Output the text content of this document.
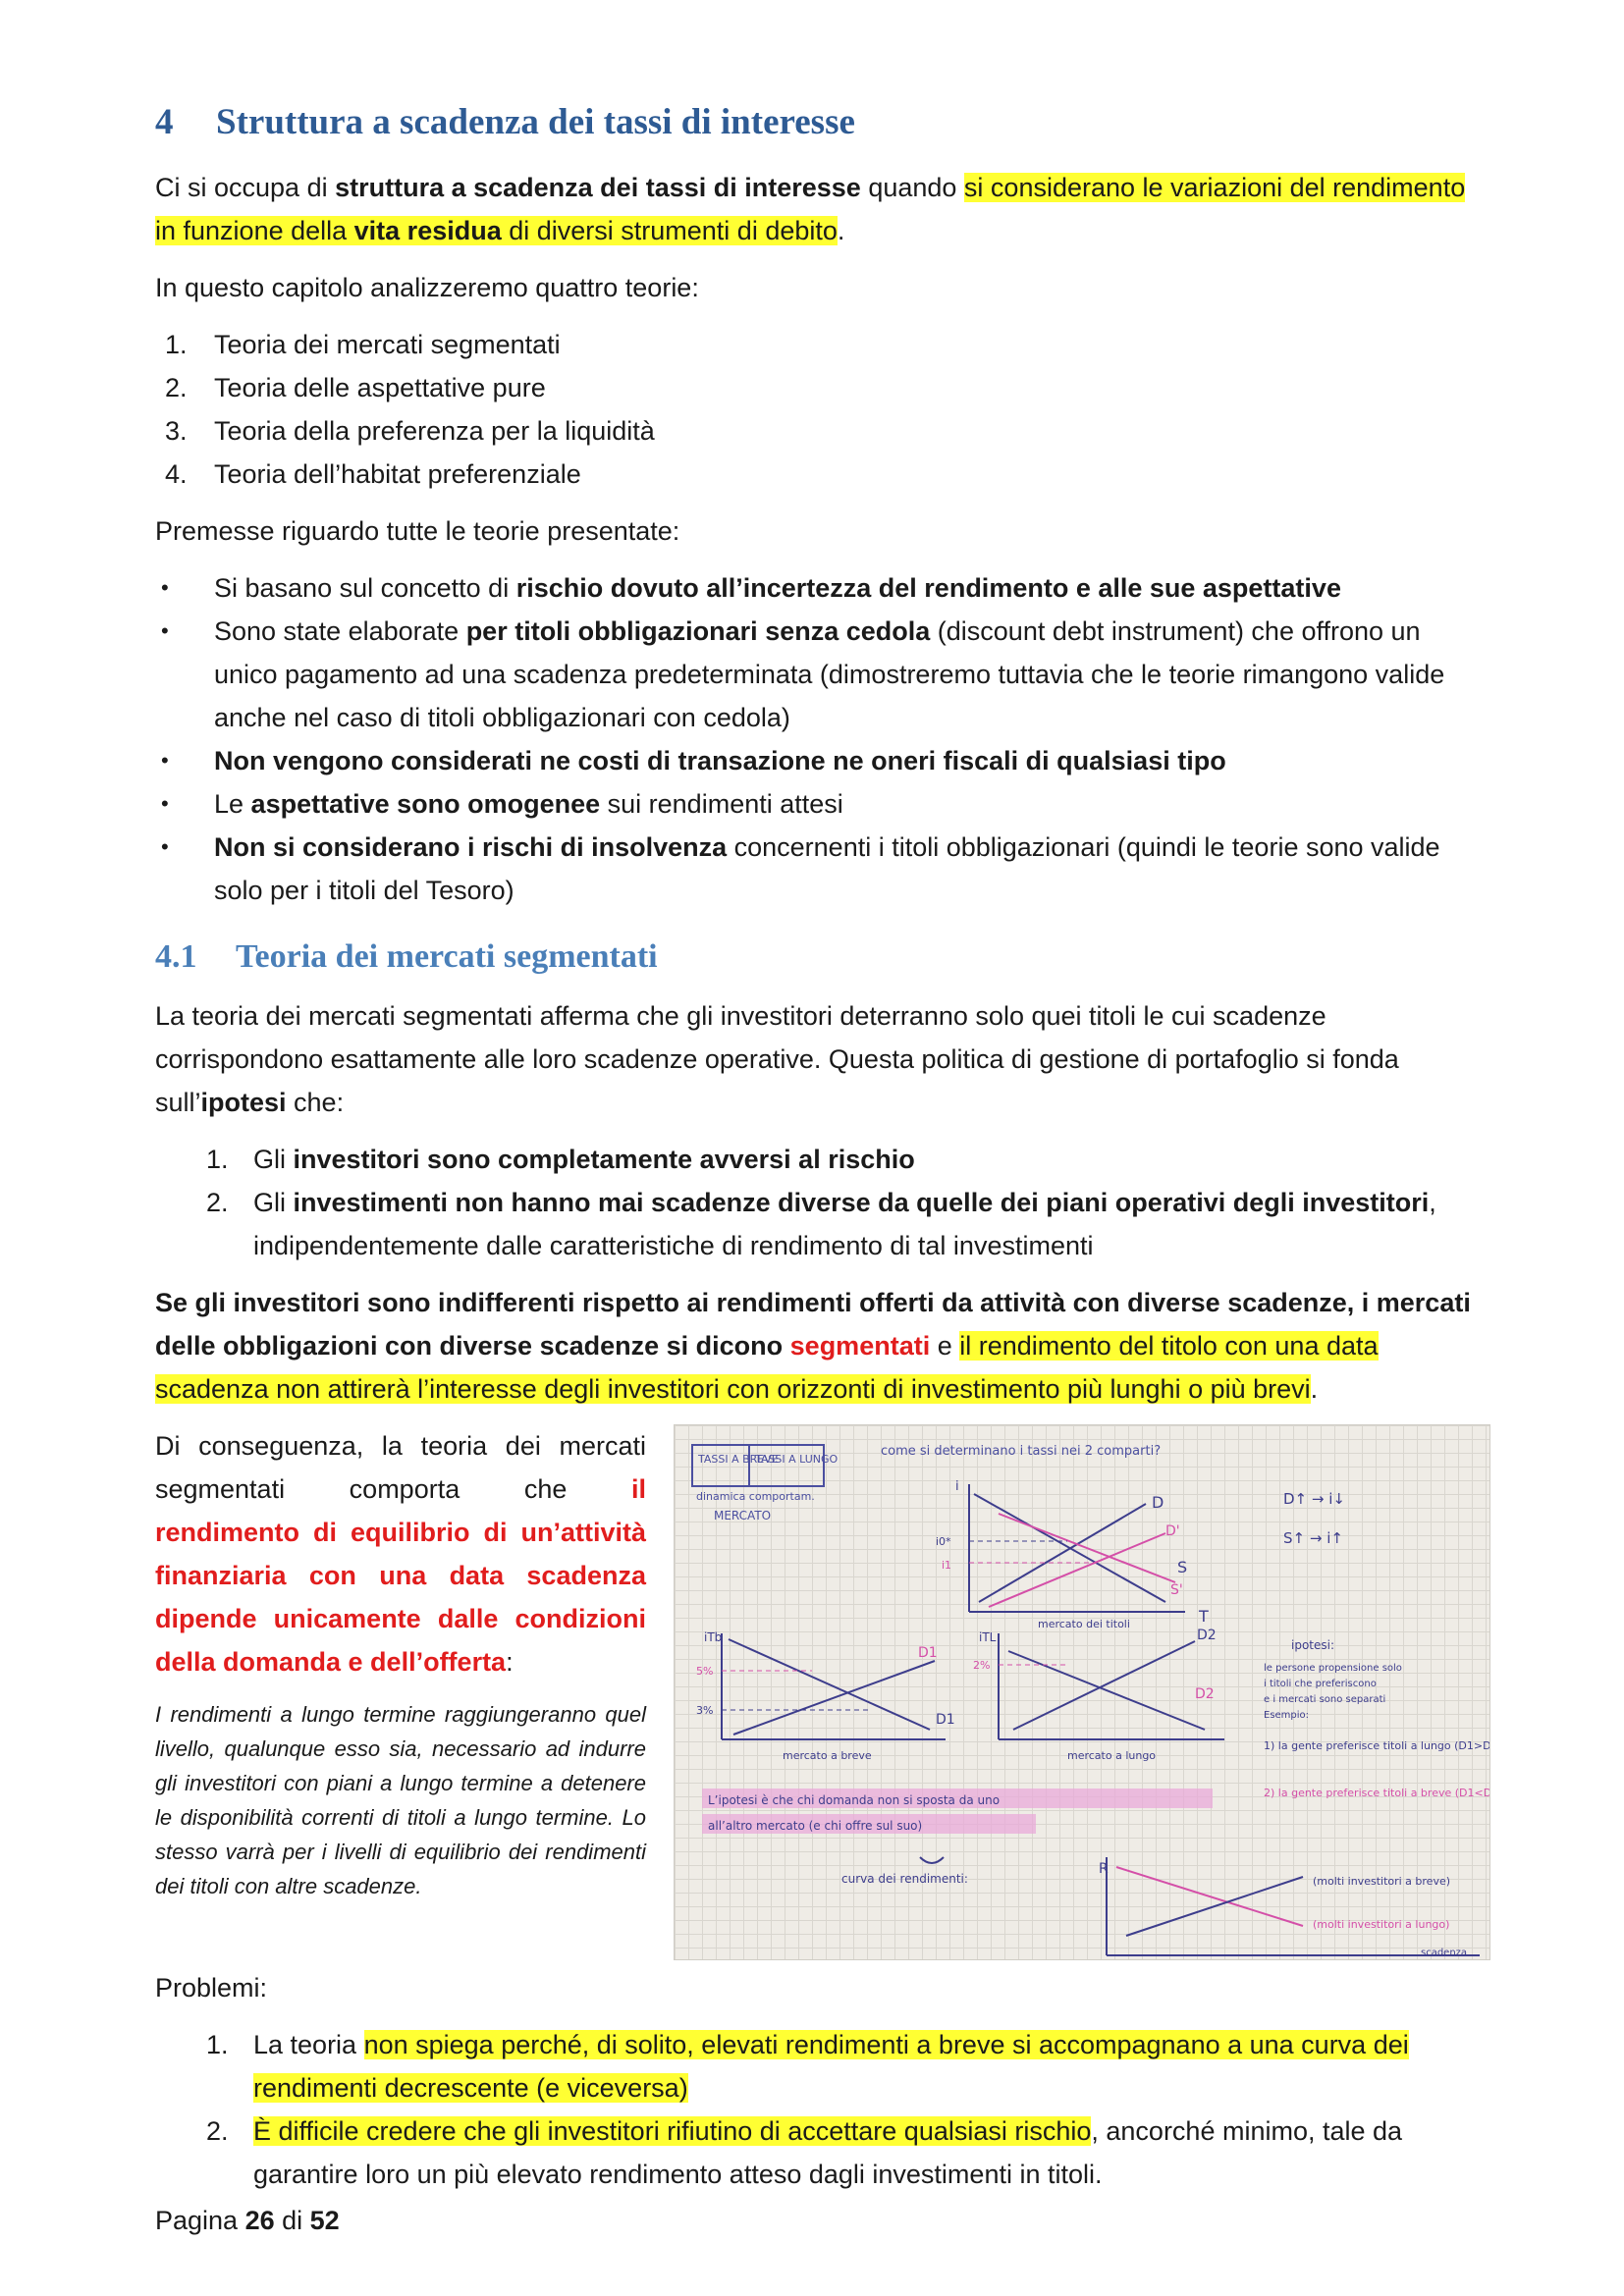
4 Struttura a scadenza dei tassi di interesse

Ci si occupa di struttura a scadenza dei tassi di interesse quando si considerano le variazioni del rendimento in funzione della vita residua di diversi strumenti di debito.

In questo capitolo analizzeremo quattro teorie:

1. Teoria dei mercati segmentati
2. Teoria delle aspettative pure
3. Teoria della preferenza per la liquidità
4. Teoria dell’habitat preferenziale

Premesse riguardo tutte le teorie presentate:

• Si basano sul concetto di rischio dovuto all’incertezza del rendimento e alle sue aspettative
• Sono state elaborate per titoli obbligazionari senza cedola (discount debt instrument) che offrono un unico pagamento ad una scadenza predeterminata (dimostreremo tuttavia che le teorie rimangono valide anche nel caso di titoli obbligazionari con cedola)
• Non vengono considerati ne costi di transazione ne oneri fiscali di qualsiasi tipo
• Le aspettative sono omogenee sui rendimenti attesi
• Non si considerano i rischi di insolvenza concernenti i titoli obbligazionari (quindi le teorie sono valide solo per i titoli del Tesoro)
4.1 Teoria dei mercati segmentati

La teoria dei mercati segmentati afferma che gli investitori deterranno solo quei titoli le cui scadenze corrispondono esattamente alle loro scadenze operative. Questa politica di gestione di portafoglio si fonda sull’ipotesi che:

1. Gli investitori sono completamente avversi al rischio
2. Gli investimenti non hanno mai scadenze diverse da quelle dei piani operativi degli investitori, indipendentemente dalle caratteristiche di rendimento di tal investimenti

Se gli investitori sono indifferenti rispetto ai rendimenti offerti da attività con diverse scadenze, i mercati delle obbligazioni con diverse scadenze si dicono segmentati e il rendimento del titolo con una data scadenza non attirerà l’interesse degli investitori con orizzonti di investimento più lunghi o più brevi.

Di conseguenza, la teoria dei mercati

segmentati comporta che il

rendimento di equilibrio di un’attività

finanziaria con una data scadenza

dipende unicamente dalle condizioni

della domanda e dell’offerta:

I rendimenti a lungo termine raggiungeranno quel livello, qualunque esso sia, necessario ad indurre gli investitori con piani a lungo termine a detenere le disponibilità correnti di titoli a lungo termine. Lo stesso varrà per i livelli di equilibrio dei rendimenti dei titoli con altre scadenze.

TASSI A BREVE
TASSI A LUNGO
dinamica comportam.
MERCATO
come si determinano i tassi nei 2 comparti?
D
D'
S
S'
T
i
i0*
i1
mercato dei titoli
D↑ → i↓
S↑ → i↑
iTb
5%
3%
D1
D1
mercato a breve
iTL
2%
D2
D2
mercato a lungo
ipotesi:
le persone propensione solo
i titoli che preferiscono
e i mercati sono separati
Esempio:
1) la gente preferisce titoli a lungo (D1>D2)
2) la gente preferisce titoli a breve (D1<D2)
L’ipotesi è che chi domanda non si sposta da uno
all’altro mercato (e chi offre sul suo)
curva dei rendimenti:
R
(molti investitori a breve)
(molti investitori a lungo)
scadenza

Problemi:

1. La teoria non spiega perché, di solito, elevati rendimenti a breve si accompagnano a una curva dei rendimenti decrescente (e viceversa)
2. È difficile credere che gli investitori rifiutino di accettare qualsiasi rischio, ancorché minimo, tale da garantire loro un più elevato rendimento atteso dagli investimenti in titoli.
Pagina 26 di 52
